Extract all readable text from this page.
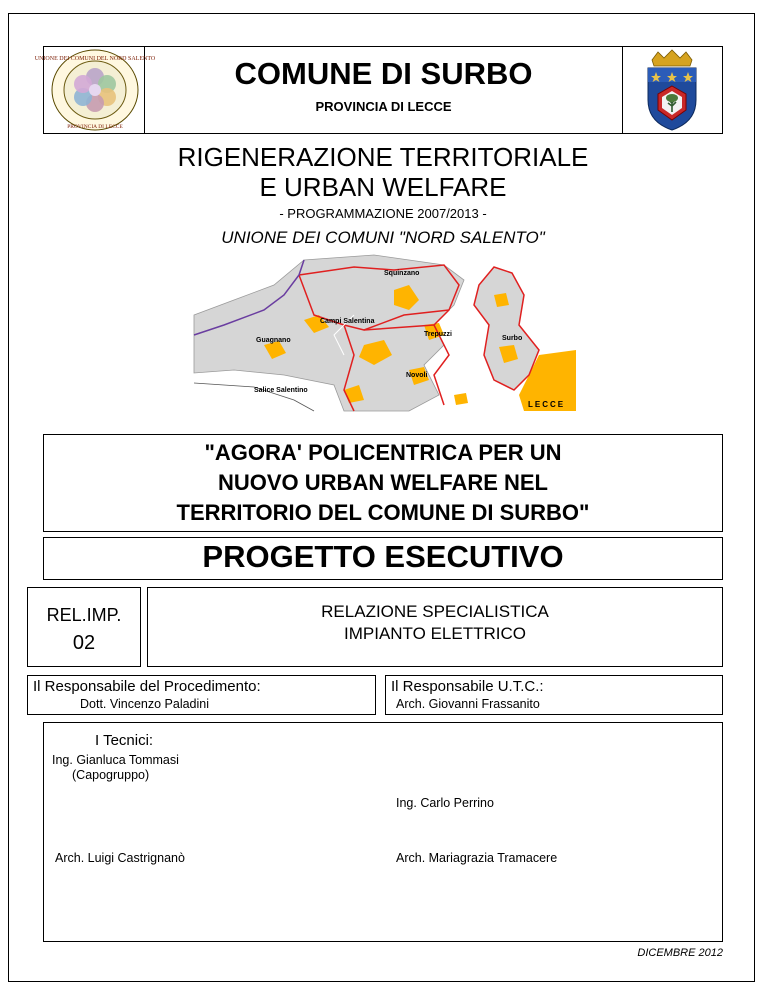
UNIONE DEI COMUNI DEL NORD SALENTO
PROVINCIA DI LECCE
COMUNE DI SURBO
PROVINCIA DI LECCE
RIGENERAZIONE TERRITORIALE
E URBAN WELFARE
- PROGRAMMAZIONE 2007/2013 -
UNIONE DEI COMUNI "NORD SALENTO"
Squinzano
Campi Salentina
Trepuzzi
Guagnano	Surbo
Novoli
Salice Salentino
LECCE
"AGORA' POLICENTRICA PER UN
NUOVO URBAN WELFARE NEL
TERRITORIO DEL COMUNE DI SURBO"
PROGETTO ESECUTIVO
REL.IMP.
02
RELAZIONE SPECIALISTICA
IMPIANTO ELETTRICO
Il Responsabile del Procedimento:
Dott. Vincenzo Paladini
Il Responsabile U.T.C.:
Arch. Giovanni Frassanito
I Tecnici:
Ing. Gianluca Tommasi
(Capogruppo)
Ing. Carlo Perrino
Arch. Luigi Castrignanò	Arch. Mariagrazia Tramacere
DICEMBRE 2012
